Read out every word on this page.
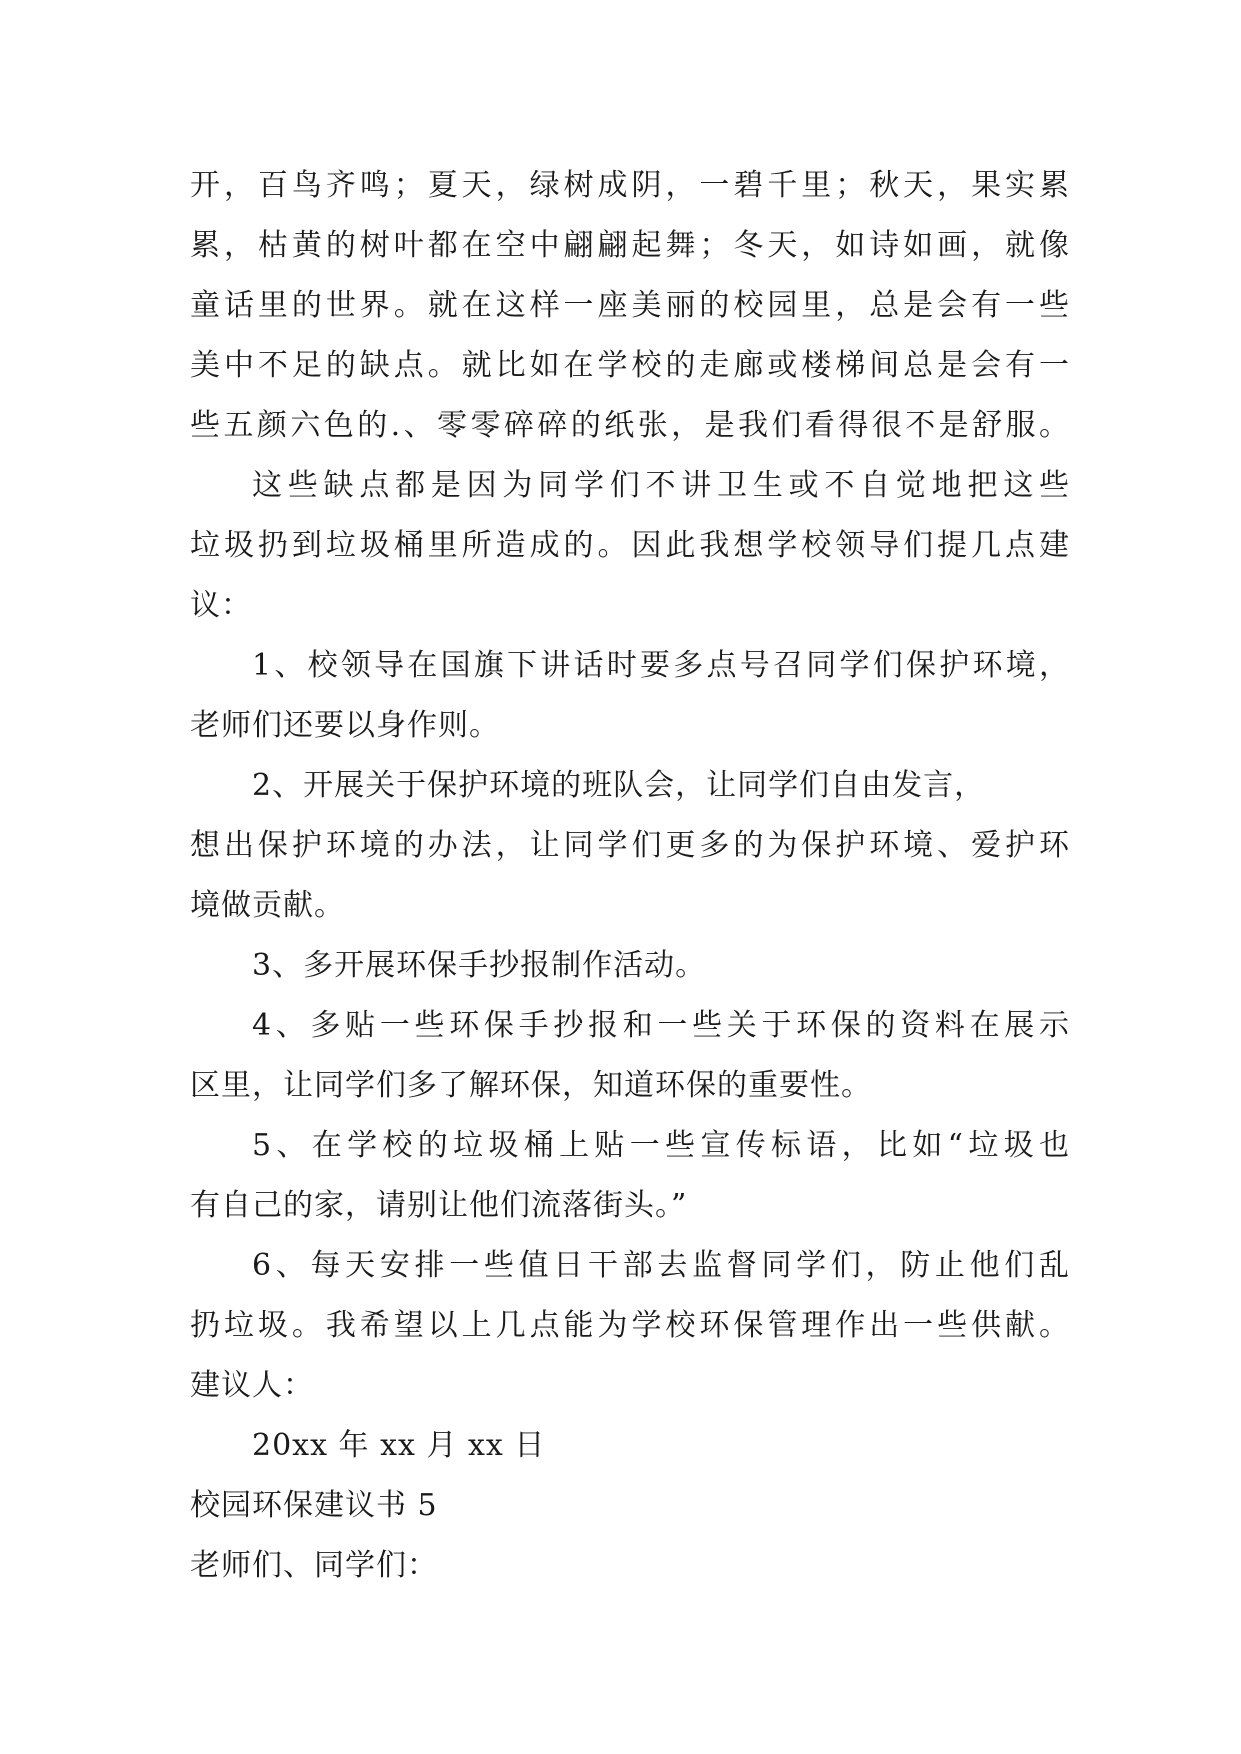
开，百鸟齐鸣；夏天，绿树成阴，一碧千里；秋天，果实累
累，枯黄的树叶都在空中翩翩起舞；冬天，如诗如画，就像
童话里的世界。就在这样一座美丽的校园里，总是会有一些
美中不足的缺点。就比如在学校的走廊或楼梯间总是会有一
些五颜六色的.、零零碎碎的纸张，是我们看得很不是舒服。
这些缺点都是因为同学们不讲卫生或不自觉地把这些
垃圾扔到垃圾桶里所造成的。因此我想学校领导们提几点建
议：
1、校领导在国旗下讲话时要多点号召同学们保护环境，
老师们还要以身作则。
2、开展关于保护环境的班队会，让同学们自由发言，
想出保护环境的办法，让同学们更多的为保护环境、爱护环
境做贡献。
3、多开展环保手抄报制作活动。
4、多贴一些环保手抄报和一些关于环保的资料在展示
区里，让同学们多了解环保，知道环保的重要性。
5、在学校的垃圾桶上贴一些宣传标语，比如“垃圾也
有自己的家，请别让他们流落街头。”
6、每天安排一些值日干部去监督同学们，防止他们乱
扔垃圾。我希望以上几点能为学校环保管理作出一些供献。
建议人：
20xx 年 xx 月 xx 日
校园环保建议书 5
老师们、同学们：
